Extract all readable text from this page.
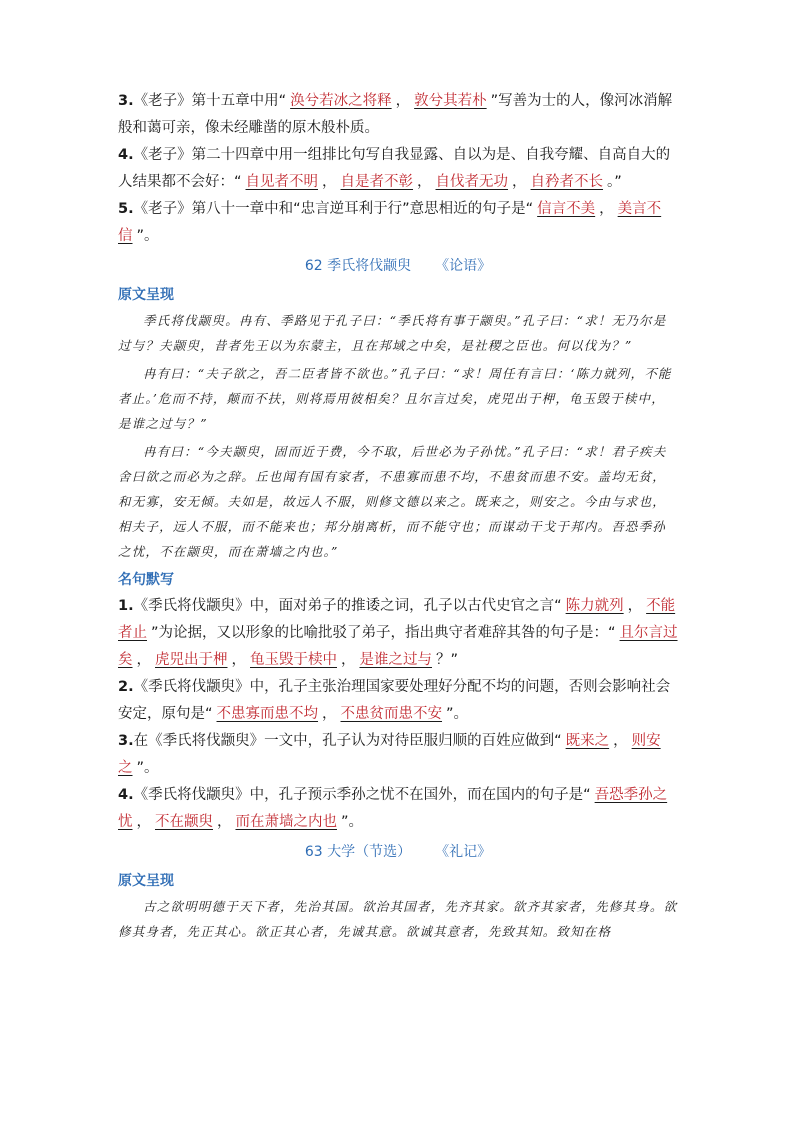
3.《老子》第十五章中用“ 涣兮若冰之将释 ， 敦兮其若朴 ”写善为士的人，像河冰消解般和蔼可亲，像未经雕凿的原木般朴质。

4.《老子》第二十四章中用一组排比句写自我显露、自以为是、自我夸耀、自高自大的人结果都不会好：“ 自见者不明 ， 自是者不彰 ， 自伐者无功 ， 自矜者不长 。”

5.《老子》第八十一章中和“忠言逆耳利于行”意思相近的句子是“ 信言不美 ， 美言不信 ”。

62 季氏将伐颛臾 《论语》

原文呈现

季氏将伐颛臾。冉有、季路见于孔子曰：“季氏将有事于颛臾。”孔子曰：“求！无乃尔是过与？夫颛臾，昔者先王以为东蒙主，且在邦域之中矣，是社稷之臣也。何以伐为？”

冉有曰：“夫子欲之，吾二臣者皆不欲也。”孔子曰：“求！周任有言曰：‘陈力就列，不能者止。’危而不持，颠而不扶，则将焉用彼相矣？且尔言过矣，虎兕出于柙，龟玉毁于椟中，是谁之过与？”

冉有曰：“今夫颛臾，固而近于费，今不取，后世必为子孙忧。”孔子曰：“求！君子疾夫舍曰欲之而必为之辞。丘也闻有国有家者，不患寡而患不均，不患贫而患不安。盖均无贫，和无寡，安无倾。夫如是，故远人不服，则修文德以来之。既来之，则安之。今由与求也，相夫子，远人不服，而不能来也；邦分崩离析，而不能守也；而谋动干戈于邦内。吾恐季孙之忧，不在颛臾，而在萧墙之内也。”

名句默写

1.《季氏将伐颛臾》中，面对弟子的推诿之词，孔子以古代史官之言“ 陈力就列 ， 不能者止 ”为论据，又以形象的比喻批驳了弟子，指出典守者难辞其咎的句子是：“ 且尔言过矣 ， 虎兕出于柙 ， 龟玉毁于椟中 ， 是谁之过与 ？”

2.《季氏将伐颛臾》中，孔子主张治理国家要处理好分配不均的问题，否则会影响社会安定，原句是“ 不患寡而患不均 ， 不患贫而患不安 ”。

3.在《季氏将伐颛臾》一文中，孔子认为对待臣服归顺的百姓应做到“ 既来之 ， 则安之 ”。

4.《季氏将伐颛臾》中，孔子预示季孙之忧不在国外，而在国内的句子是“ 吾恐季孙之忧 ， 不在颛臾 ， 而在萧墙之内也 ”。

63 大学（节选） 《礼记》

原文呈现

古之欲明明德于天下者，先治其国。欲治其国者，先齐其家。欲齐其家者，先修其身。欲修其身者，先正其心。欲正其心者，先诚其意。欲诚其意者，先致其知。致知在格
